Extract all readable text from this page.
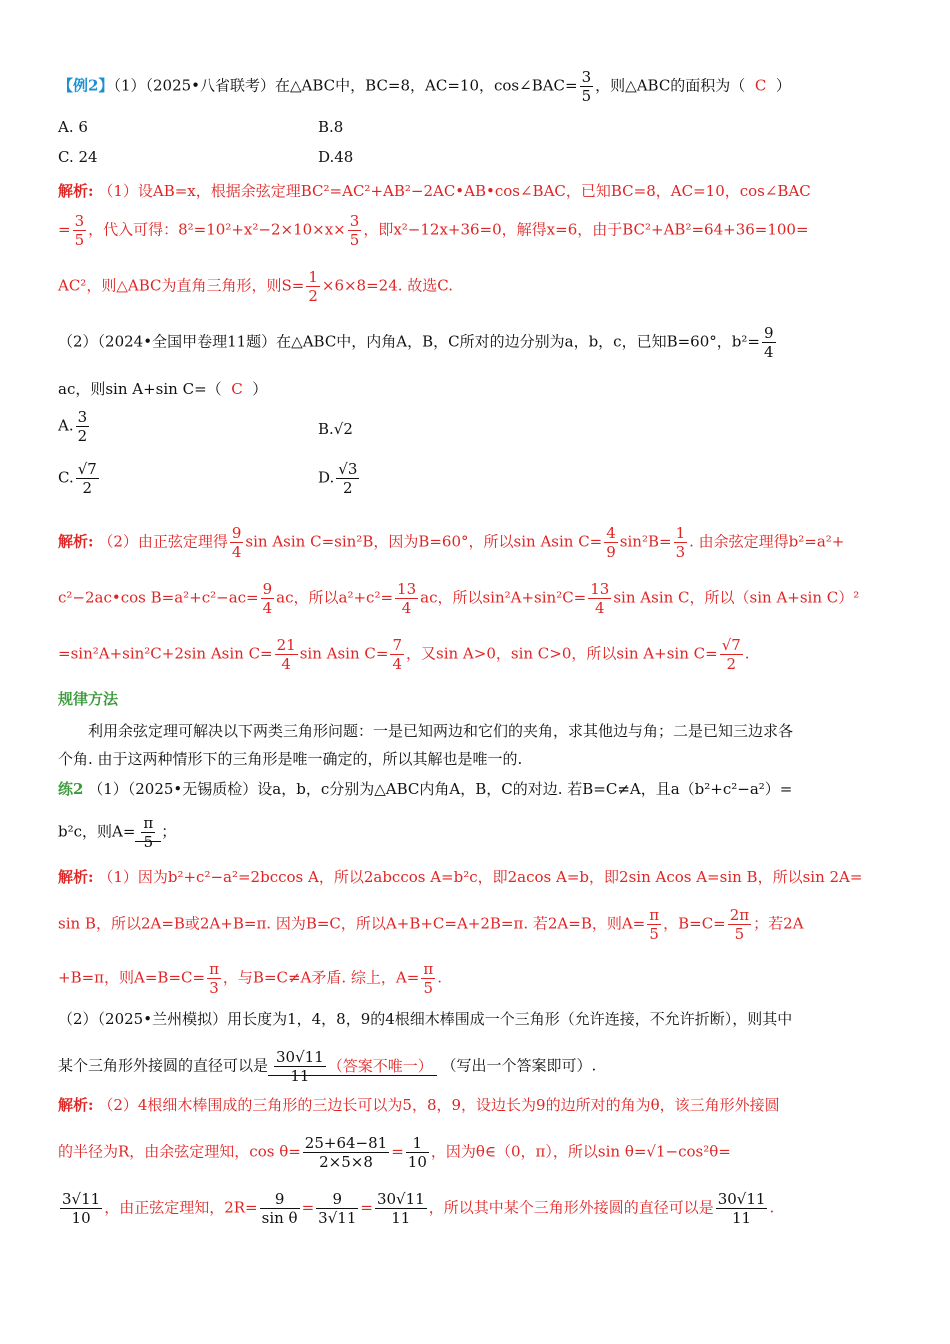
【例2】（1）（2025•八省联考）在△ABC中，BC=8，AC=10，cos∠BAC= $\frac{3}{5}$ ，则△ABC的面积为（ C ）
A. 6	B.8
C. 24	D.48
解析: （1）设AB=x，根据余弦定理BC²=AC²+AB²−2AC•AB•cos∠BAC，已知BC=8，AC=10，cos∠BAC
= $\frac{3}{5}$ ，代入可得：$8^2=10^2+x^2-2\times 10\times x\times \frac{3}{5}$ ，即x²−12x+36=0，解得x=6，由于BC²+AB²=64+36=100=
AC²，则△ABC为直角三角形，则$S= \frac{1}{2} \times 6\times 8=24$. 故选C.
（2）（2024•全国甲卷理11题）在△ABC中，内角A，B，C所对的边分别为a，b，c，已知B=60°，$b^2= \frac{9}{4}$
ac，则sin A+sin C=（ C ）
A. $\frac{3}{2}$	B.√2
C. $\frac{√7}{2}$	D. $\frac{√3}{2}$
解析: （2）由正弦定理得 $\frac{9}{4}$ sin Asin C=sin²B，因为B=60°，所以sin Asin $C= \frac{4}{9} \sin^2B= \frac{1}{3}$ . 由余弦定理得b²=a²+
c²−2ac•cos $B=a^2+c^2-ac= \frac{9}{4}$ ac，所以$a^2+c^2= \frac{13}{4}$ ac，所以$\sin^2A+\sin^2C= \frac{13}{4}$ sin Asin C，所以（sin A+sin C）²
=sin²A+sin²C+2sin Asin $C= \frac{21}{4}$ sin Asin $C= \frac{7}{4}$ ，又sin A>0，sin C>0，所以sin A+sin $C= \frac{√7}{2}$ .
规律方法
利用余弦定理可解决以下两类三角形问题：一是已知两边和它们的夹角，求其他边与角；二是已知三边求各
个角. 由于这两种情形下的三角形是唯一确定的，所以其解也是唯一的.
练2 （1）（2025•无锡质检）设a，b，c分别为△ABC内角A，B，C的对边. 若B=C≠A，且a（b²+c²−a²）=
b²c，则$A= \frac{\pi}{5}$ ；
解析: （1）因为b²+c²−a²=2bccos A，所以2abccos A=b²c，即2acos A=b，即2sin Acos A=sin B，所以sin 2A=
sin B，所以2A=B或2A+B=π. 因为B=C，所以A+B+C=A+2B=π. 若2A=B，则$A= \frac{\pi}{5}$ ，$B=C= \frac{2\pi}{5}$ ；若2A
+B=π，则$A=B=C= \frac{\pi}{3}$ ，与B=C≠A矛盾. 综上，$A= \frac{\pi}{5}$ .
（2）（2025•兰州模拟）用长度为1，4，8，9的4根细木棒围成一个三角形（允许连接，不允许折断），则其中
某个三角形外接圆的直径可以是 $\frac{30√11}{11}$ （答案不唯一） （写出一个答案即可）.
解析: （2）4根细木棒围成的三角形的三边长可以为5，8，9，设边长为9的边所对的角为θ，该三角形外接圆
的半径为R，由余弦定理知，$\cos \theta= \frac{25+64-81}{2\times 5\times 8} = \frac{1}{10}$ ，因为θ∈（0，π），所以sin θ=√1−cos²θ=
$\frac{3√11}{10}$ ，由正弦定理知，$2R= \frac{9}{\text{sin θ}} = \frac{9}{3√11} = \frac{30√11}{11}$ ，所以其中某个三角形外接圆的直径可以是 $\frac{30√11}{11}$ .
